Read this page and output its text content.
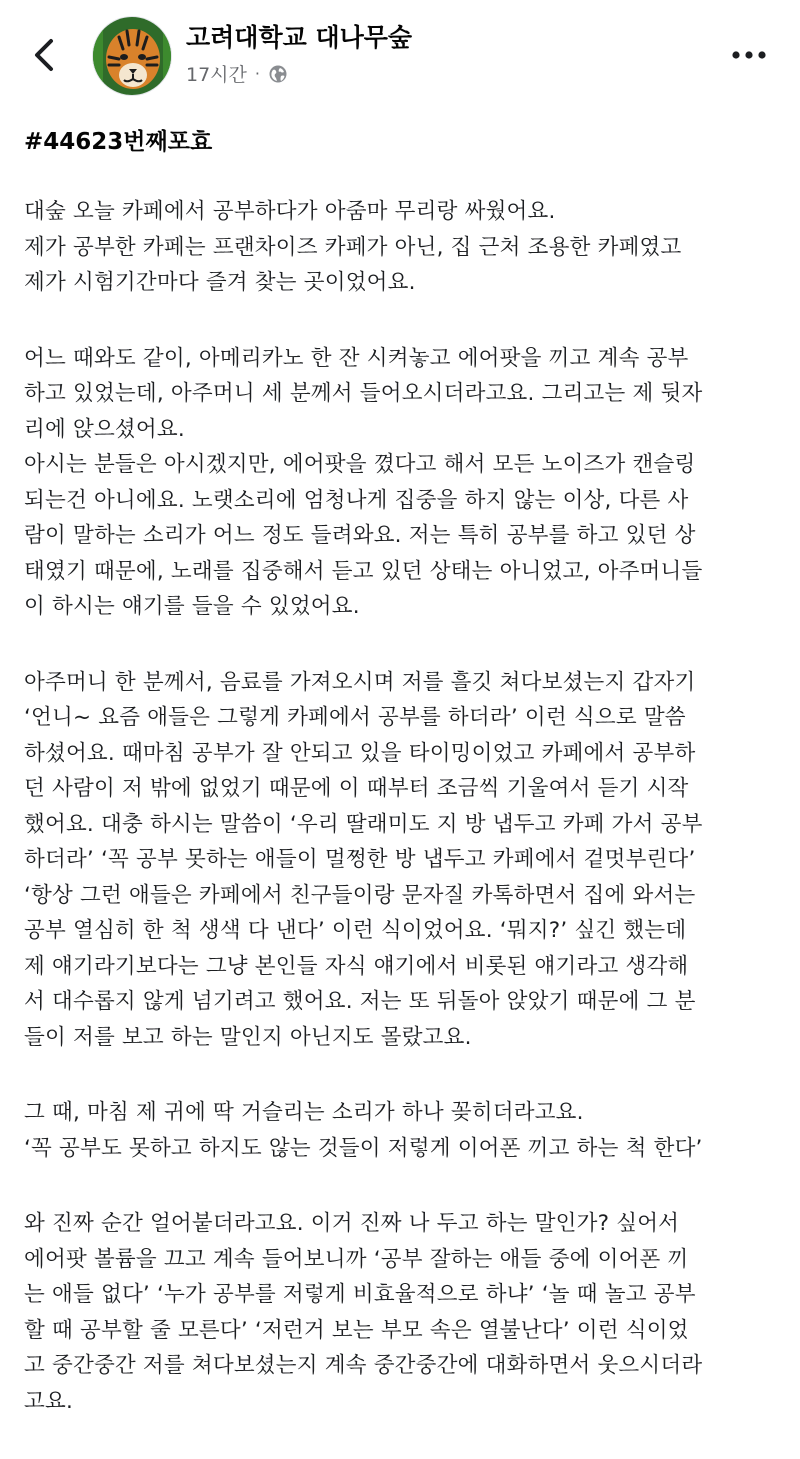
고려대학교 대나무숲
17시간 ·
#44623번째포효
대숲 오늘 카페에서 공부하다가 아줌마 무리랑 싸웠어요.
제가 공부한 카페는 프랜차이즈 카페가 아닌, 집 근처 조용한 카페였고
제가 시험기간마다 즐겨 찾는 곳이었어요.
어느 때와도 같이, 아메리카노 한 잔 시켜놓고 에어팟을 끼고 계속 공부
하고 있었는데, 아주머니 세 분께서 들어오시더라고요. 그리고는 제 뒷자
리에 앉으셨어요.
아시는 분들은 아시겠지만, 에어팟을 꼈다고 해서 모든 노이즈가 캔슬링
되는건 아니에요. 노랫소리에 엄청나게 집중을 하지 않는 이상, 다른 사
람이 말하는 소리가 어느 정도 들려와요. 저는 특히 공부를 하고 있던 상
태였기 때문에, 노래를 집중해서 듣고 있던 상태는 아니었고, 아주머니들
이 하시는 얘기를 들을 수 있었어요.
아주머니 한 분께서, 음료를 가져오시며 저를 흘깃 쳐다보셨는지 갑자기
‘언니~ 요즘 애들은 그렇게 카페에서 공부를 하더라’ 이런 식으로 말씀
하셨어요. 때마침 공부가 잘 안되고 있을 타이밍이었고 카페에서 공부하
던 사람이 저 밖에 없었기 때문에 이 때부터 조금씩 기울여서 듣기 시작
했어요. 대충 하시는 말씀이 ‘우리 딸래미도 지 방 냅두고 카페 가서 공부
하더라’ ‘꼭 공부 못하는 애들이 멀쩡한 방 냅두고 카페에서 겉멋부린다’
‘항상 그런 애들은 카페에서 친구들이랑 문자질 카톡하면서 집에 와서는
공부 열심히 한 척 생색 다 낸다’ 이런 식이었어요. ‘뭐지?’ 싶긴 했는데
제 얘기라기보다는 그냥 본인들 자식 얘기에서 비롯된 얘기라고 생각해
서 대수롭지 않게 넘기려고 했어요. 저는 또 뒤돌아 앉았기 때문에 그 분
들이 저를 보고 하는 말인지 아닌지도 몰랐고요.
그 때, 마침 제 귀에 딱 거슬리는 소리가 하나 꽂히더라고요.
‘꼭 공부도 못하고 하지도 않는 것들이 저렇게 이어폰 끼고 하는 척 한다’
와 진짜 순간 얼어붙더라고요. 이거 진짜 나 두고 하는 말인가? 싶어서
에어팟 볼륨을 끄고 계속 들어보니까 ‘공부 잘하는 애들 중에 이어폰 끼
는 애들 없다’ ‘누가 공부를 저렇게 비효율적으로 하냐’ ‘놀 때 놀고 공부
할 때 공부할 줄 모른다’ ‘저런거 보는 부모 속은 열불난다’ 이런 식이었
고 중간중간 저를 쳐다보셨는지 계속 중간중간에 대화하면서 웃으시더라
고요.
